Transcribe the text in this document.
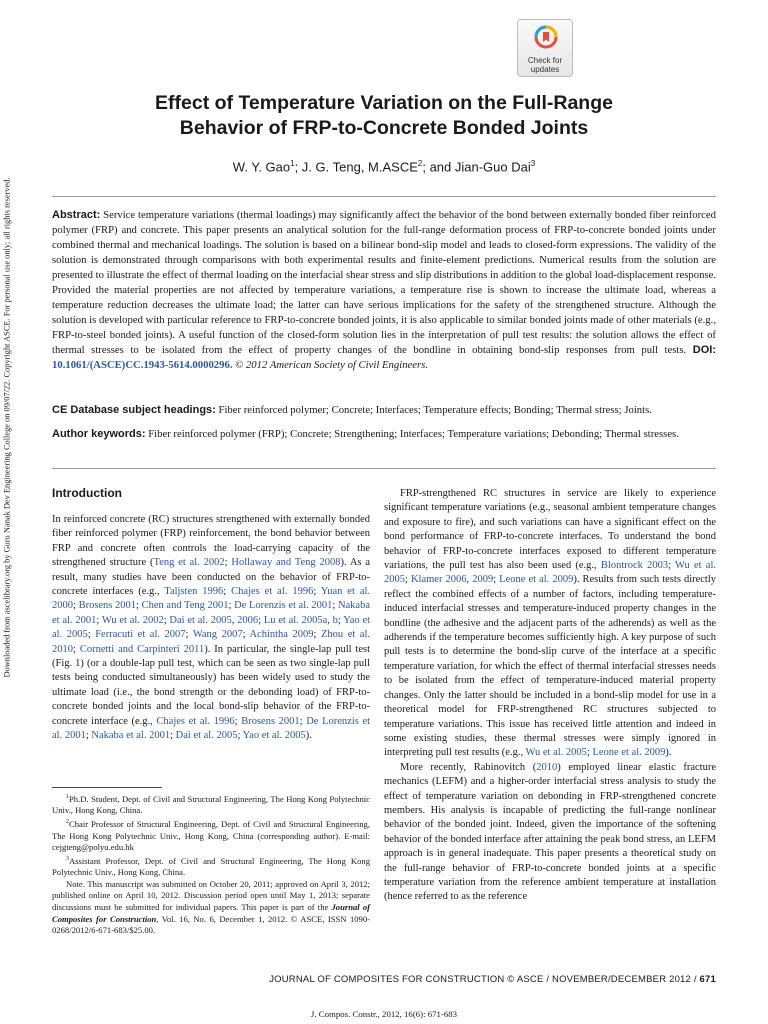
Check for
updates
Effect of Temperature Variation on the Full-Range
Behavior of FRP-to-Concrete Bonded Joints
W. Y. Gao$^1$; J. G. Teng, M.ASCE$^2$; and Jian-Guo Dai$^3$
Downloaded from ascelibrary.org by Guru Nanak Dev Engineering College on 09/07/22. Copyright ASCE. For personal use only; all rights reserved.	Abstract: Service temperature variations (thermal loadings) may significantly affect the behavior of the bond between externally bonded fiber reinforced polymer (FRP) and concrete. This paper presents an analytical solution for the full-range deformation process of FRP-to-concrete bonded joints under combined thermal and mechanical loadings. The solution is based on a bilinear bond-slip model and leads to closed-form expressions. The validity of the solution is demonstrated through comparisons with both experimental results and finite-element predictions. Numerical results from the solution are presented to illustrate the effect of thermal loading on the interfacial shear stress and slip distributions in addition to the global load-displacement response. Provided the material properties are not affected by temperature variations, a temperature rise is shown to increase the ultimate load, whereas a temperature reduction decreases the ultimate load; the latter can have serious implications for the safety of the strengthened structure. Although the solution is developed with particular reference to FRP-to-concrete bonded joints, it is also applicable to similar bonded joints made of other materials (e.g., FRP-to-steel bonded joints). A useful function of the closed-form solution lies in the interpretation of pull test results: the solution allows the effect of thermal stresses to be isolated from the effect of property changes of the bondline in obtaining bond-slip responses from pull tests. DOI: 10.1061/(ASCE)CC.1943-5614.0000296. © 2012 American Society of Civil Engineers.
CE Database subject headings: Fiber reinforced polymer; Concrete; Interfaces; Temperature effects; Bonding; Thermal stress; Joints.
Author keywords: Fiber reinforced polymer (FRP); Concrete; Strengthening; Interfaces; Temperature variations; Debonding; Thermal stresses.
Introduction
In reinforced concrete (RC) structures strengthened with externally bonded fiber reinforced polymer (FRP) reinforcement, the bond behavior between FRP and concrete often controls the load-carrying capacity of the strengthened structure (Teng et al. 2002; Hollaway and Teng 2008). As a result, many studies have been conducted on the behavior of FRP-to-concrete interfaces (e.g., Taljsten 1996; Chajes et al. 1996; Yuan et al. 2000; Brosens 2001; Chen and Teng 2001; De Lorenzis et al. 2001; Nakaba et al. 2001; Wu et al. 2002; Dai et al. 2005, 2006; Lu et al. 2005a, b; Yao et al. 2005; Ferracuti et al. 2007; Wang 2007; Achintha 2009; Zhou et al. 2010; Cornetti and Carpinteri 2011). In particular, the single-lap pull test (Fig. 1) (or a double-lap pull test, which can be seen as two single-lap pull tests being conducted simultaneously) has been widely used to study the ultimate load (i.e., the bond strength or the debonding load) of FRP-to-concrete bonded joints and the local bond-slip behavior of the FRP-to-concrete interface (e.g., Chajes et al. 1996; Brosens 2001; De Lorenzis et al. 2001; Nakaba et al. 2001; Dai et al. 2005; Yao et al. 2005).

FRP-strengthened RC structures in service are likely to experience significant temperature variations (e.g., seasonal ambient temperature changes and exposure to fire), and such variations can have a significant effect on the bond performance of FRP-to-concrete interfaces. To understand the bond behavior of FRP-to-concrete interfaces exposed to different temperature variations, the pull test has also been used (e.g., Blontrock 2003; Wu et al. 2005; Klamer 2006, 2009; Leone et al. 2009). Results from such tests directly reflect the combined effects of a number of factors, including temperature-induced interfacial stresses and temperature-induced property changes in the bondline (the adhesive and the adjacent parts of the adherends) as well as the adherends if the temperature becomes sufficiently high. A key purpose of such pull tests is to determine the bond-slip curve of the interface at a specific temperature variation, for which the effect of thermal interfacial stresses needs to be isolated from the effect of temperature-induced material property changes. Only the latter should be included in a bond-slip model for use in a theoretical model for FRP-strengthened RC structures subjected to temperature variations. This issue has received little attention and indeed in some existing studies, these thermal stresses were simply ignored in interpreting pull test results (e.g., Wu et al. 2005; Leone et al. 2009).

More recently, Rabinovitch (2010) employed linear elastic fracture mechanics (LEFM) and a higher-order interfacial stress analysis to study the effect of temperature variation on debonding in FRP-strengthened concrete members. His analysis is incapable of predicting the full-range nonlinear behavior of the bonded joint. Indeed, given the importance of the softening behavior of the bonded interface after attaining the peak bond stress, an LEFM approach is in general inadequate. This paper presents a theoretical study on the full-range behavior of FRP-to-concrete bonded joints at a specific temperature variation from the reference ambient temperature at installation (hence referred to as the reference

$^1$Ph.D. Student, Dept. of Civil and Structural Engineering, The Hong Kong Polytechnic Univ., Hong Kong, China.

$^2$Chair Professor of Structural Engineering, Dept. of Civil and Structural Engineering, The Hong Kong Polytechnic Univ., Hong Kong, China (corresponding author). E-mail: cejgteng@polyu.edu.hk

$^3$Assistant Professor, Dept. of Civil and Structural Engineering, The Hong Kong Polytechnic Univ., Hong Kong, China.

Note. This manuscript was submitted on October 20, 2011; approved on April 3, 2012; published online on April 10, 2012. Discussion period open until May 1, 2013; separate discussions must be submitted for individual papers. This paper is part of the Journal of Composites for Construction, Vol. 16, No. 6, December 1, 2012. © ASCE, ISSN 1090-0268/2012/6-671-683/$25.00.

JOURNAL OF COMPOSITES FOR CONSTRUCTION © ASCE / NOVEMBER/DECEMBER 2012 / 671
J. Compos. Constr., 2012, 16(6): 671-683
